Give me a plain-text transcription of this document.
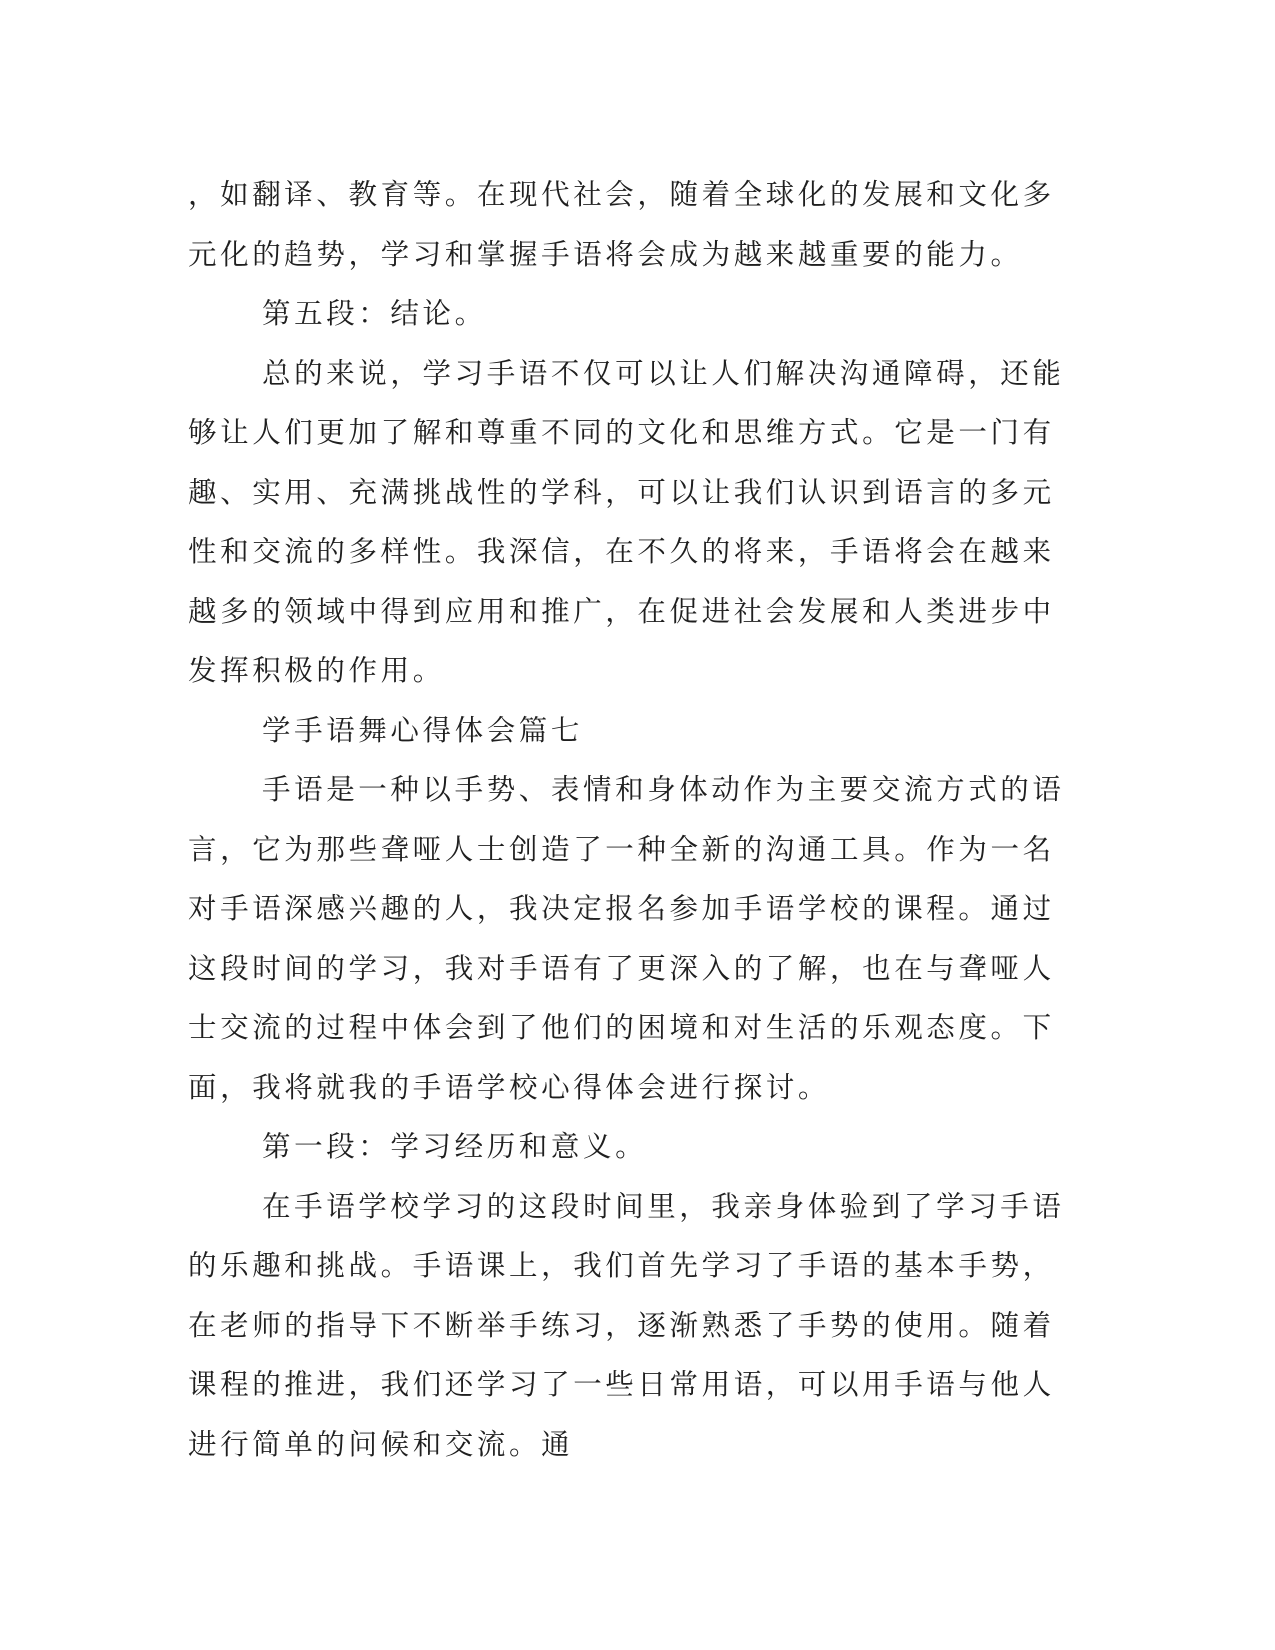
，如翻译、教育等。在现代社会，随着全球化的发展和文化多元化的趋势，学习和掌握手语将会成为越来越重要的能力。

第五段：结论。

总的来说，学习手语不仅可以让人们解决沟通障碍，还能够让人们更加了解和尊重不同的文化和思维方式。它是一门有趣、实用、充满挑战性的学科，可以让我们认识到语言的多元性和交流的多样性。我深信，在不久的将来，手语将会在越来越多的领域中得到应用和推广，在促进社会发展和人类进步中发挥积极的作用。

学手语舞心得体会篇七

手语是一种以手势、表情和身体动作为主要交流方式的语言，它为那些聋哑人士创造了一种全新的沟通工具。作为一名对手语深感兴趣的人，我决定报名参加手语学校的课程。通过这段时间的学习，我对手语有了更深入的了解，也在与聋哑人士交流的过程中体会到了他们的困境和对生活的乐观态度。下面，我将就我的手语学校心得体会进行探讨。

第一段：学习经历和意义。

在手语学校学习的这段时间里，我亲身体验到了学习手语的乐趣和挑战。手语课上，我们首先学习了手语的基本手势，在老师的指导下不断举手练习，逐渐熟悉了手势的使用。随着课程的推进，我们还学习了一些日常用语，可以用手语与他人进行简单的问候和交流。通
